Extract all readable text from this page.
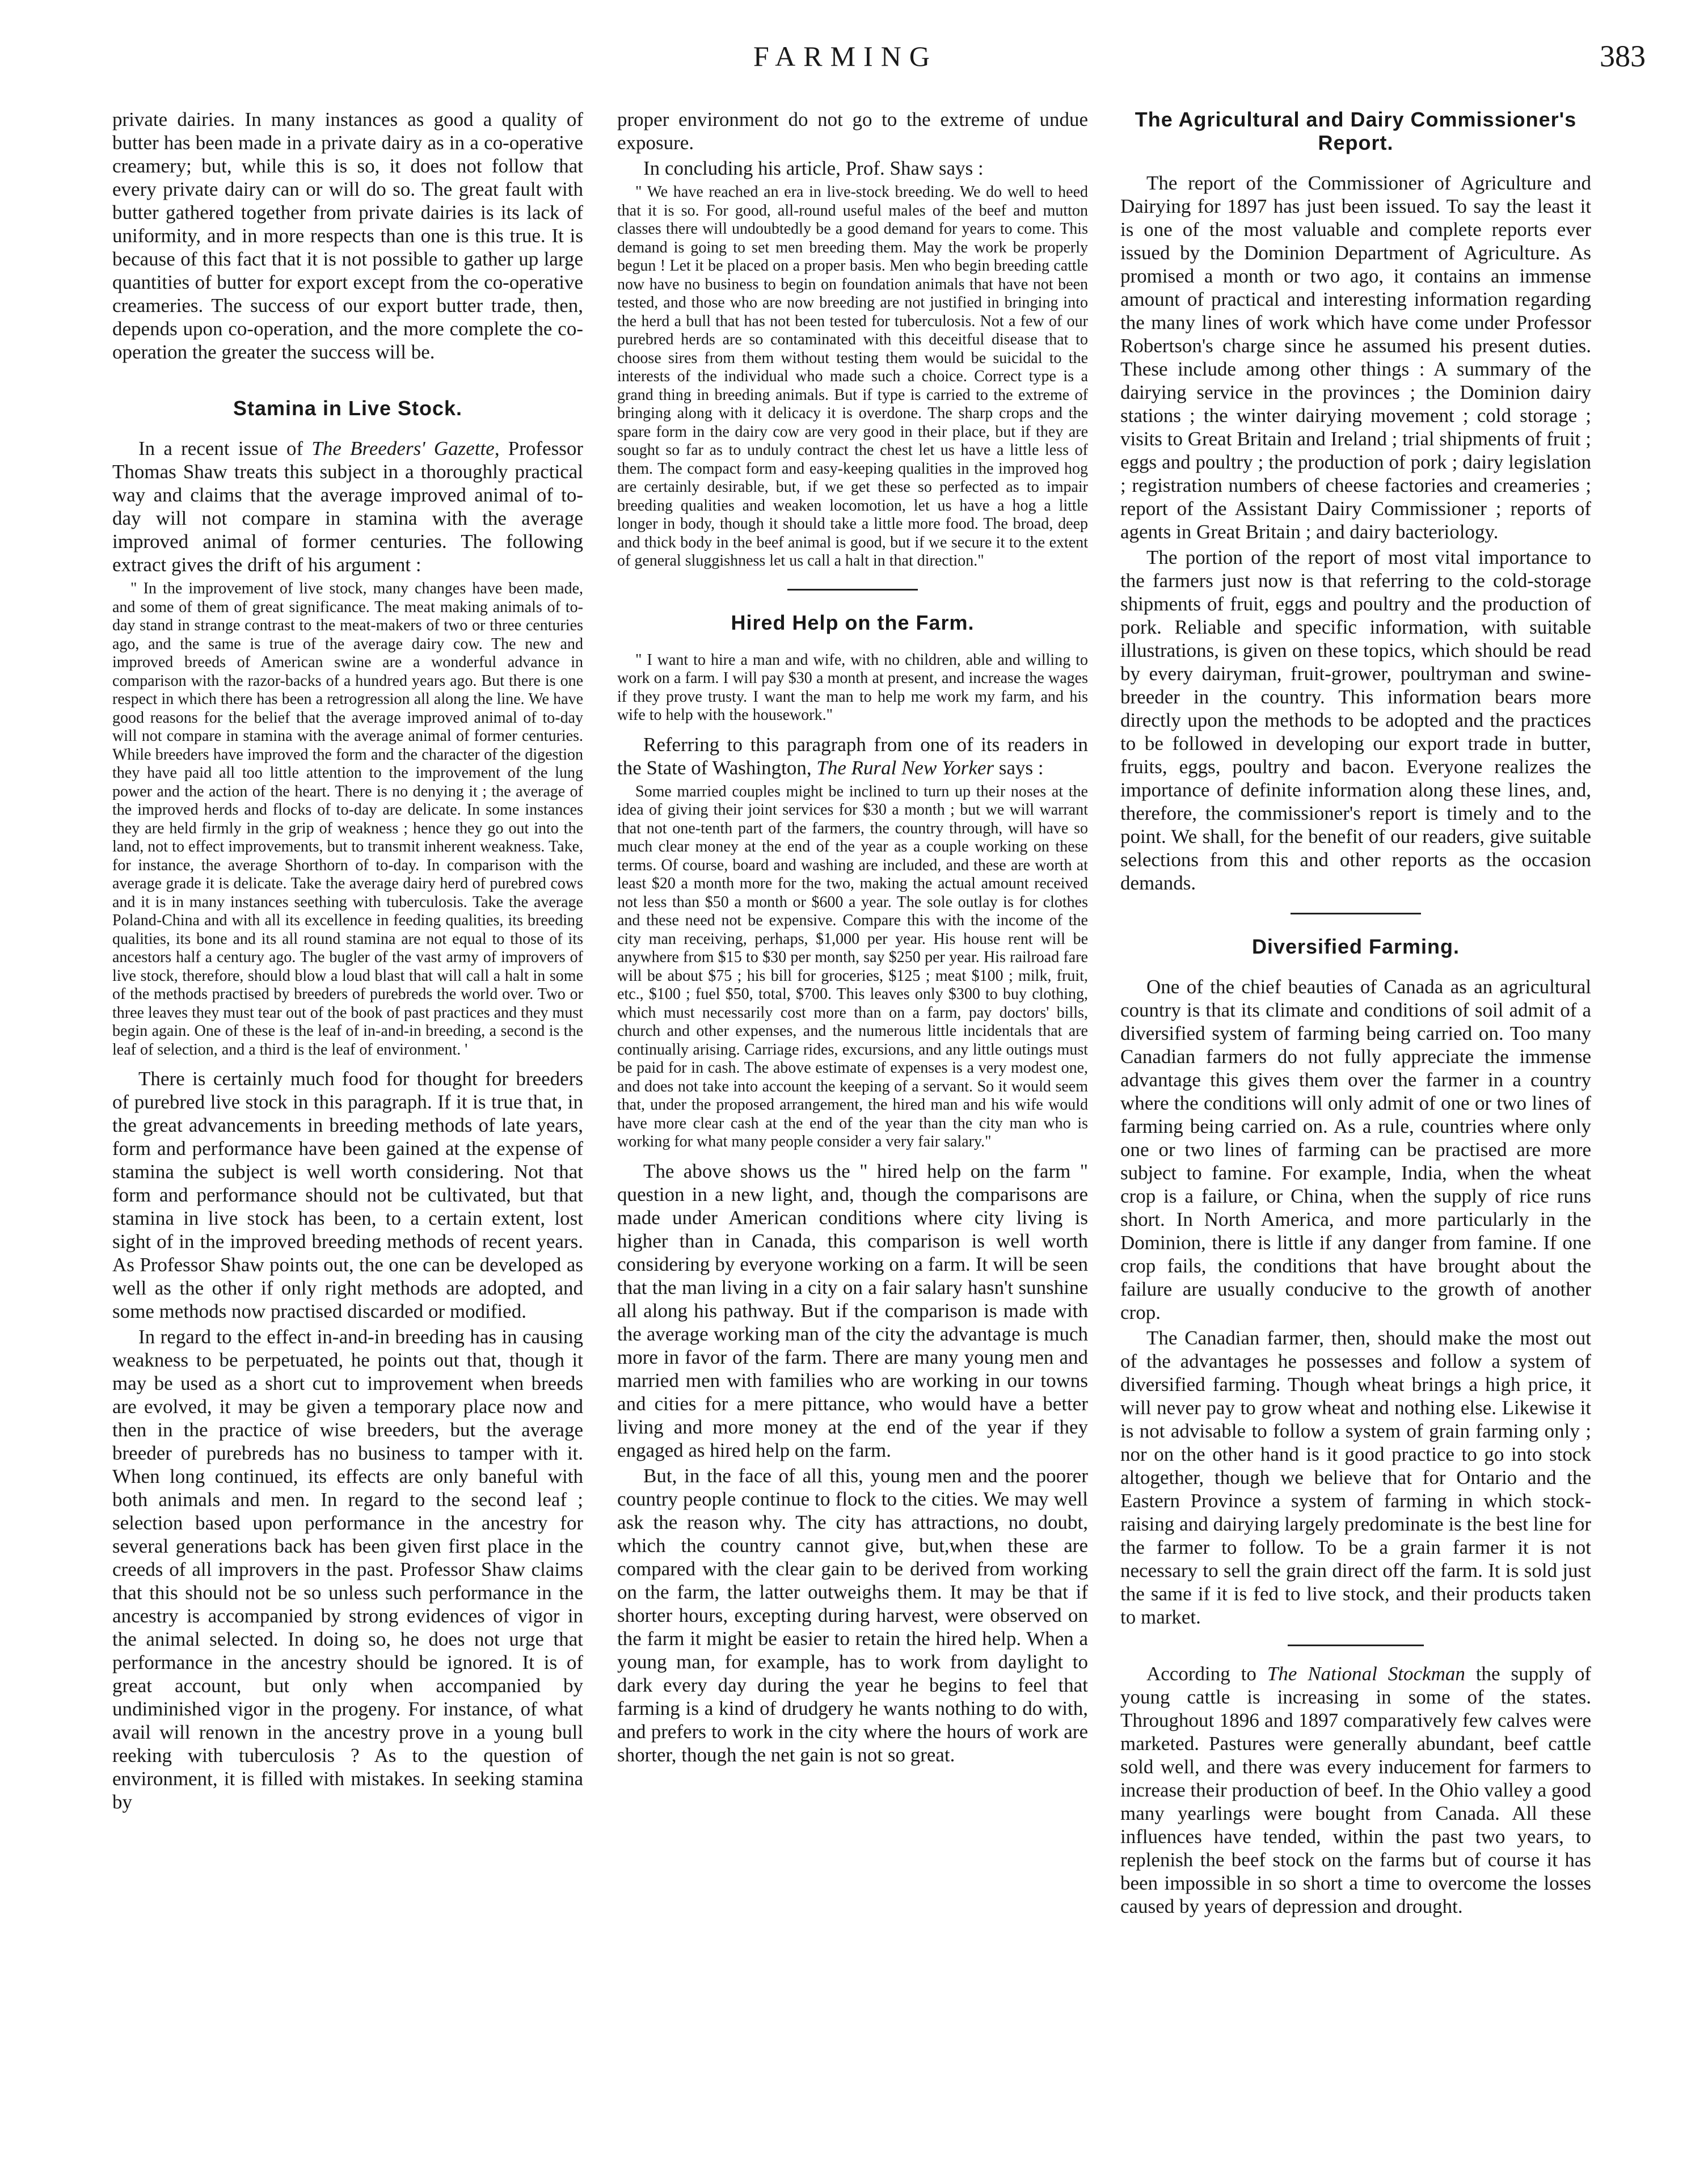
FARMING	383

private dairies. In many instances as good a quality of butter has been made in a private dairy as in a co-operative creamery; but, while this is so, it does not follow that every private dairy can or will do so. The great fault with butter gathered together from private dairies is its lack of uniformity, and in more respects than one is this true. It is because of this fact that it is not possible to gather up large quantities of butter for export except from the co-operative creameries. The success of our export butter trade, then, depends upon co-operation, and the more complete the co-operation the greater the success will be.

Stamina in Live Stock.

In a recent issue of The Breeders' Gazette, Professor Thomas Shaw treats this subject in a thoroughly practical way and claims that the average improved animal of to-day will not compare in stamina with the average improved animal of former centuries. The following extract gives the drift of his argument :

" In the improvement of live stock, many changes have been made, and some of them of great significance. The meat making animals of to-day stand in strange contrast to the meat-makers of two or three centuries ago, and the same is true of the average dairy cow. The new and improved breeds of American swine are a wonderful advance in comparison with the razor-backs of a hundred years ago. But there is one respect in which there has been a retrogression all along the line. We have good reasons for the belief that the average improved animal of to-day will not compare in stamina with the average animal of former centuries. While breeders have improved the form and the character of the digestion they have paid all too little attention to the improvement of the lung power and the action of the heart. There is no denying it ; the average of the improved herds and flocks of to-day are delicate. In some instances they are held firmly in the grip of weakness ; hence they go out into the land, not to effect improvements, but to transmit inherent weakness. Take, for instance, the average Shorthorn of to-day. In comparison with the average grade it is delicate. Take the average dairy herd of purebred cows and it is in many instances seething with tuberculosis. Take the average Poland-China and with all its excellence in feeding qualities, its breeding qualities, its bone and its all round stamina are not equal to those of its ancestors half a century ago. The bugler of the vast army of improvers of live stock, therefore, should blow a loud blast that will call a halt in some of the methods practised by breeders of purebreds the world over. Two or three leaves they must tear out of the book of past practices and they must begin again. One of these is the leaf of in-and-in breeding, a second is the leaf of selection, and a third is the leaf of environment. '

There is certainly much food for thought for breeders of purebred live stock in this paragraph. If it is true that, in the great advancements in breeding methods of late years, form and performance have been gained at the expense of stamina the subject is well worth considering. Not that form and performance should not be cultivated, but that stamina in live stock has been, to a certain extent, lost sight of in the improved breeding methods of recent years. As Professor Shaw points out, the one can be developed as well as the other if only right methods are adopted, and some methods now practised discarded or modified.

In regard to the effect in-and-in breeding has in causing weakness to be perpetuated, he points out that, though it may be used as a short cut to improvement when breeds are evolved, it may be given a temporary place now and then in the practice of wise breeders, but the average breeder of purebreds has no business to tamper with it. When long continued, its effects are only baneful with both animals and men. In regard to the second leaf ; selection based upon performance in the ancestry for several generations back has been given first place in the creeds of all improvers in the past. Professor Shaw claims that this should not be so unless such performance in the ancestry is accompanied by strong evidences of vigor in the animal selected. In doing so, he does not urge that performance in the ancestry should be ignored. It is of great account, but only when accompanied by undiminished vigor in the progeny. For instance, of what avail will renown in the ancestry prove in a young bull reeking with tuberculosis ? As to the question of environment, it is filled with mistakes. In seeking stamina by

proper environment do not go to the extreme of undue exposure.

In concluding his article, Prof. Shaw says :

" We have reached an era in live-stock breeding. We do well to heed that it is so. For good, all-round useful males of the beef and mutton classes there will undoubtedly be a good demand for years to come. This demand is going to set men breeding them. May the work be properly begun ! Let it be placed on a proper basis. Men who begin breeding cattle now have no business to begin on foundation animals that have not been tested, and those who are now breeding are not justified in bringing into the herd a bull that has not been tested for tuberculosis. Not a few of our purebred herds are so contaminated with this deceitful disease that to choose sires from them without testing them would be suicidal to the interests of the individual who made such a choice. Correct type is a grand thing in breeding animals. But if type is carried to the extreme of bringing along with it delicacy it is overdone. The sharp crops and the spare form in the dairy cow are very good in their place, but if they are sought so far as to unduly contract the chest let us have a little less of them. The compact form and easy-keeping qualities in the improved hog are certainly desirable, but, if we get these so perfected as to impair breeding qualities and weaken locomotion, let us have a hog a little longer in body, though it should take a little more food. The broad, deep and thick body in the beef animal is good, but if we secure it to the extent of general sluggishness let us call a halt in that direction."

Hired Help on the Farm.

" I want to hire a man and wife, with no children, able and willing to work on a farm. I will pay $30 a month at present, and increase the wages if they prove trusty. I want the man to help me work my farm, and his wife to help with the housework."

Referring to this paragraph from one of its readers in the State of Washington, The Rural New Yorker says :

Some married couples might be inclined to turn up their noses at the idea of giving their joint services for $30 a month ; but we will warrant that not one-tenth part of the farmers, the country through, will have so much clear money at the end of the year as a couple working on these terms. Of course, board and washing are included, and these are worth at least $20 a month more for the two, making the actual amount received not less than $50 a month or $600 a year. The sole outlay is for clothes and these need not be expensive. Compare this with the income of the city man receiving, perhaps, $1,000 per year. His house rent will be anywhere from $15 to $30 per month, say $250 per year. His railroad fare will be about $75 ; his bill for groceries, $125 ; meat $100 ; milk, fruit, etc., $100 ; fuel $50, total, $700. This leaves only $300 to buy clothing, which must necessarily cost more than on a farm, pay doctors' bills, church and other expenses, and the numerous little incidentals that are continually arising. Carriage rides, excursions, and any little outings must be paid for in cash. The above estimate of expenses is a very modest one, and does not take into account the keeping of a servant. So it would seem that, under the proposed arrangement, the hired man and his wife would have more clear cash at the end of the year than the city man who is working for what many people consider a very fair salary."

The above shows us the " hired help on the farm " question in a new light, and, though the comparisons are made under American conditions where city living is higher than in Canada, this comparison is well worth considering by everyone working on a farm. It will be seen that the man living in a city on a fair salary hasn't sunshine all along his pathway. But if the comparison is made with the average working man of the city the advantage is much more in favor of the farm. There are many young men and married men with families who are working in our towns and cities for a mere pittance, who would have a better living and more money at the end of the year if they engaged as hired help on the farm.

But, in the face of all this, young men and the poorer country people continue to flock to the cities. We may well ask the reason why. The city has attractions, no doubt, which the country cannot give, but,when these are compared with the clear gain to be derived from working on the farm, the latter outweighs them. It may be that if shorter hours, excepting during harvest, were observed on the farm it might be easier to retain the hired help. When a young man, for example, has to work from daylight to dark every day during the year he begins to feel that farming is a kind of drudgery he wants nothing to do with, and prefers to work in the city where the hours of work are shorter, though the net gain is not so great.

The Agricultural and Dairy Commissioner's Report.

The report of the Commissioner of Agriculture and Dairying for 1897 has just been issued. To say the least it is one of the most valuable and complete reports ever issued by the Dominion Department of Agriculture. As promised a month or two ago, it contains an immense amount of practical and interesting information regarding the many lines of work which have come under Professor Robertson's charge since he assumed his present duties. These include among other things : A summary of the dairying service in the provinces ; the Dominion dairy stations ; the winter dairying movement ; cold storage ; visits to Great Britain and Ireland ; trial shipments of fruit ; eggs and poultry ; the production of pork ; dairy legislation ; registration numbers of cheese factories and creameries ; report of the Assistant Dairy Commissioner ; reports of agents in Great Britain ; and dairy bacteriology.

The portion of the report of most vital importance to the farmers just now is that referring to the cold-storage shipments of fruit, eggs and poultry and the production of pork. Reliable and specific information, with suitable illustrations, is given on these topics, which should be read by every dairyman, fruit-grower, poultryman and swine-breeder in the country. This information bears more directly upon the methods to be adopted and the practices to be followed in developing our export trade in butter, fruits, eggs, poultry and bacon. Everyone realizes the importance of definite information along these lines, and, therefore, the commissioner's report is timely and to the point. We shall, for the benefit of our readers, give suitable selections from this and other reports as the occasion demands.

Diversified Farming.

One of the chief beauties of Canada as an agricultural country is that its climate and conditions of soil admit of a diversified system of farming being carried on. Too many Canadian farmers do not fully appreciate the immense advantage this gives them over the farmer in a country where the conditions will only admit of one or two lines of farming being carried on. As a rule, countries where only one or two lines of farming can be practised are more subject to famine. For example, India, when the wheat crop is a failure, or China, when the supply of rice runs short. In North America, and more particularly in the Dominion, there is little if any danger from famine. If one crop fails, the conditions that have brought about the failure are usually conducive to the growth of another crop.

The Canadian farmer, then, should make the most out of the advantages he possesses and follow a system of diversified farming. Though wheat brings a high price, it will never pay to grow wheat and nothing else. Likewise it is not advisable to follow a system of grain farming only ; nor on the other hand is it good practice to go into stock altogether, though we believe that for Ontario and the Eastern Province a system of farming in which stock-raising and dairying largely predominate is the best line for the farmer to follow. To be a grain farmer it is not necessary to sell the grain direct off the farm. It is sold just the same if it is fed to live stock, and their products taken to market.

According to The National Stockman the supply of young cattle is increasing in some of the states. Throughout 1896 and 1897 comparatively few calves were marketed. Pastures were generally abundant, beef cattle sold well, and there was every inducement for farmers to increase their production of beef. In the Ohio valley a good many yearlings were bought from Canada. All these influences have tended, within the past two years, to replenish the beef stock on the farms but of course it has been impossible in so short a time to overcome the losses caused by years of depression and drought.
